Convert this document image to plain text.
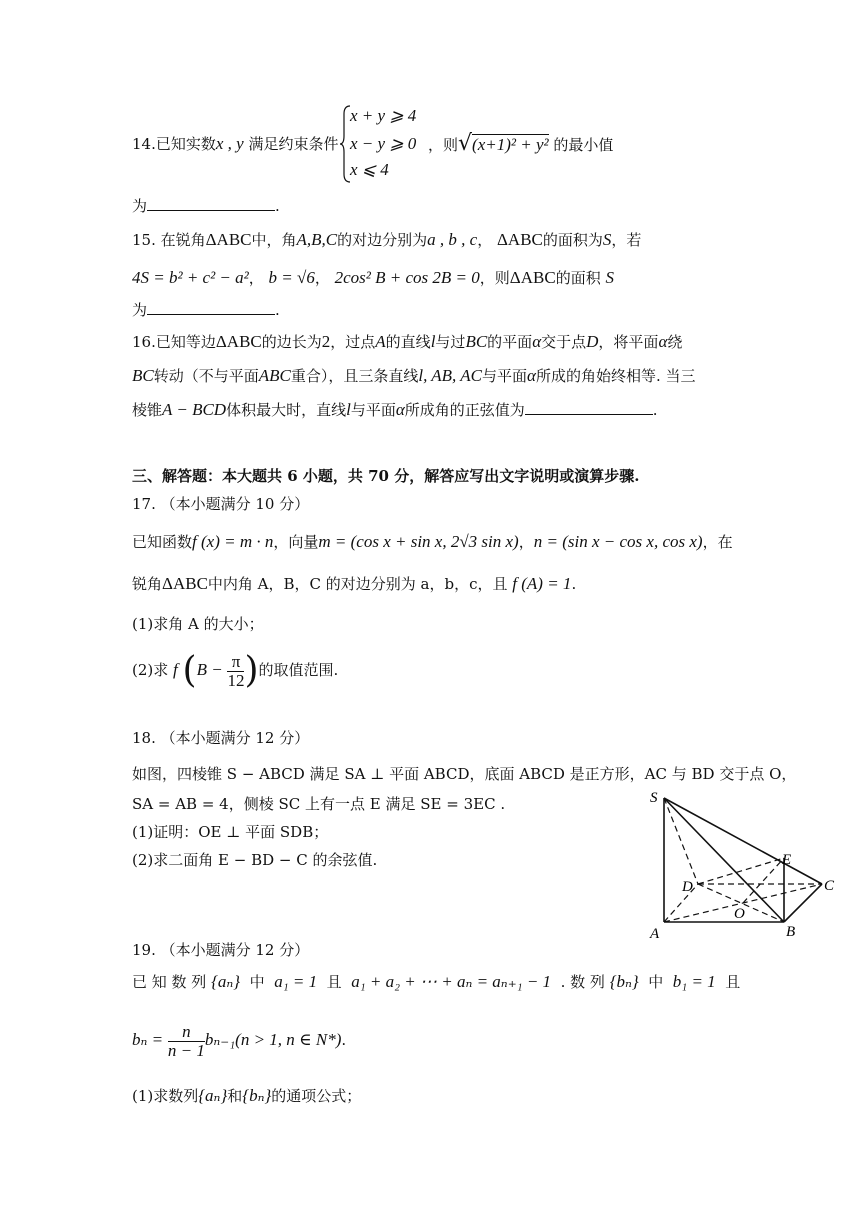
14.已知实数x , y 满足约束条件
x + y ⩾ 4
x − y ⩾ 0
x ⩽ 4
，则√(x+1)² + y² 的最小值
为	.
15. 在锐角ΔABC中，角A,B,C的对边分别为a , b , c， ΔABC的面积为S，若
4S = b² + c² − a²， b = √6， 2cos² B + cos 2B = 0，则ΔABC的面积 S
为	.
16.已知等边ΔABC的边长为2，过点A的直线l与过BC的平面α交于点D，将平面α绕
BC转动（不与平面ABC重合），且三条直线l, AB, AC与平面α所成的角始终相等. 当三
棱锥A − BCD体积最大时，直线l与平面α所成角的正弦值为	.
三、解答题：本大题共 6 小题，共 70 分，解答应写出文字说明或演算步骤.
17. （本小题满分 10 分）
已知函数f (x) = m · n，向量m = (cos x + sin x, 2√3 sin x)，n = (sin x − cos x, cos x)，在
锐角ΔABC中内角 A，B，C 的对边分别为 a，b，c，且 f (A) = 1.
(1)求角 A 的大小；
(2)求 f ($B - \frac{\pi}{12}$ )的取值范围.
18. （本小题满分 12 分）
如图，四棱锥 S − ABCD 满足 SA ⊥ 平面 ABCD，底面 ABCD 是正方形，AC 与 BD 交于点 O，
SA = AB = 4，侧棱 SC 上有一点 E 满足 SE = 3EC .
(1)证明：OE ⊥ 平面 SDB；
(2)求二面角 E − BD − C 的余弦值.
S
E
D	C
O
A	B
19. （本小题满分 12 分）
已 知 数 列 {aₙ} 中 a₁ = 1 且 a₁ + a₂ + ⋯ + aₙ = aₙ₊₁ − 1 . 数 列 {bₙ} 中 b₁ = 1 且
$b_n = \frac{n}{n - 1} b_{n-1}(n > 1$, n ∈ N*).
(1)求数列{aₙ}和{bₙ}的通项公式；
